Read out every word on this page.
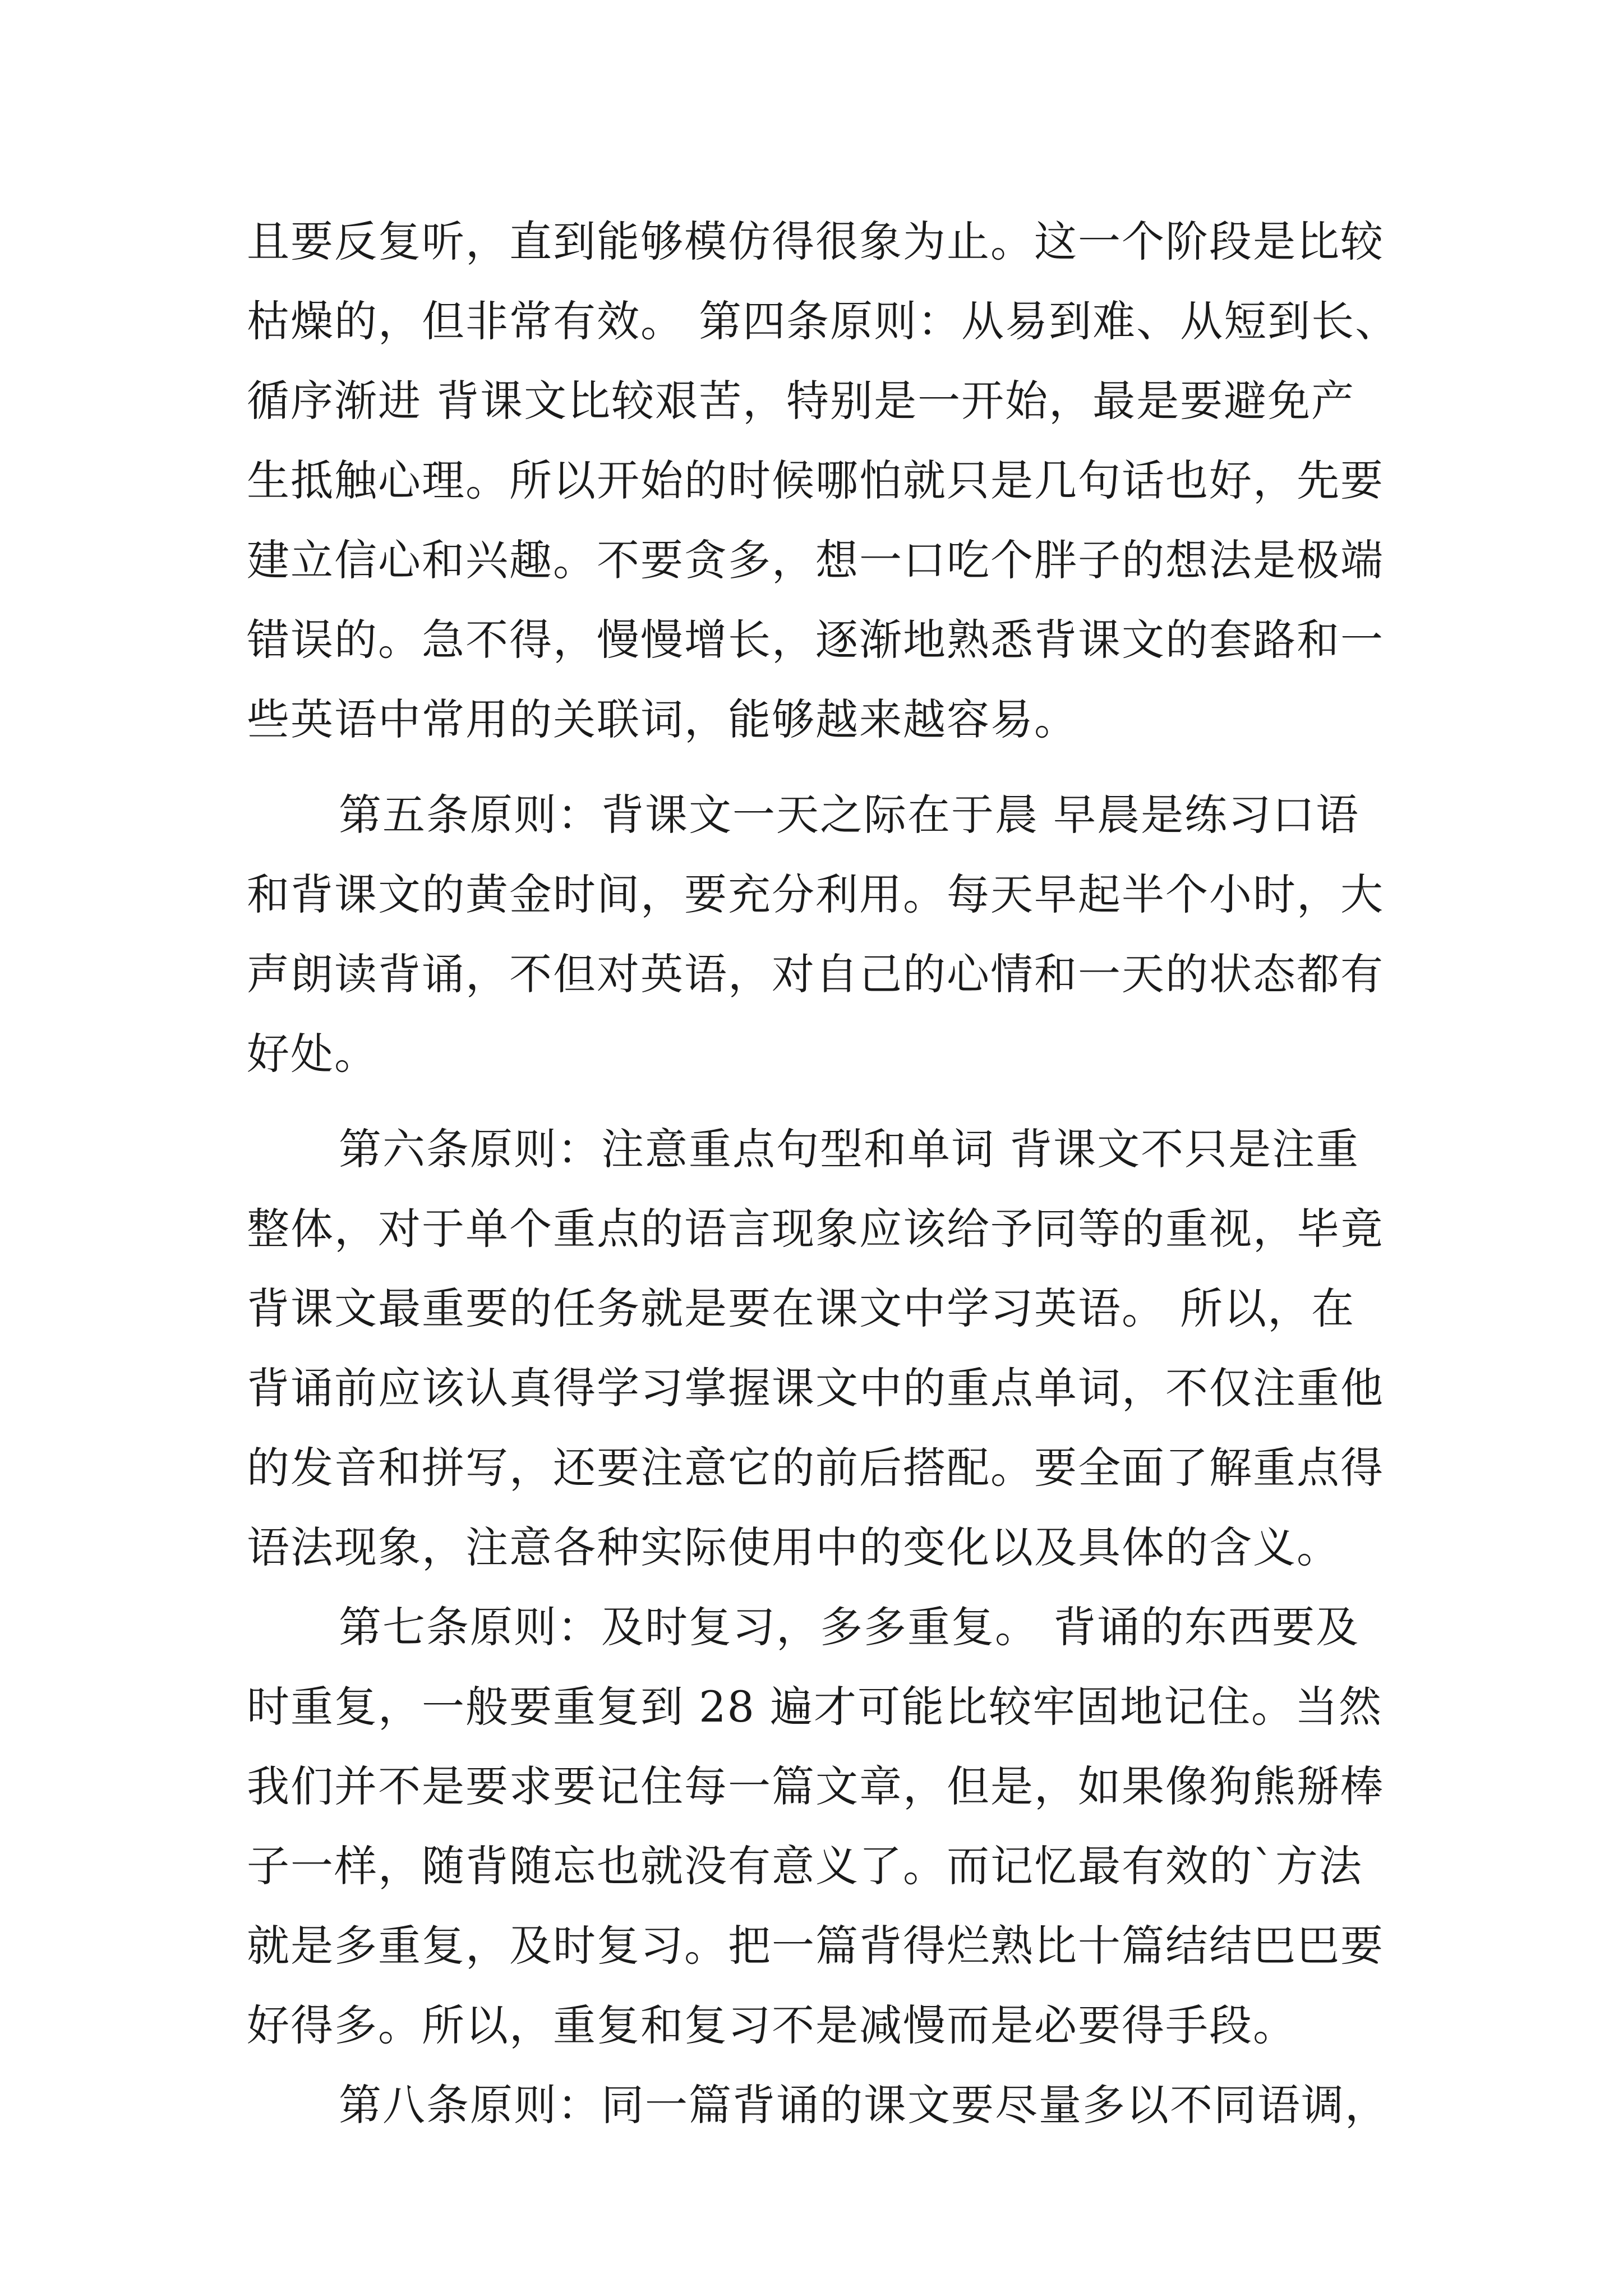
且要反复听，直到能够模仿得很象为止。这一个阶段是比较
枯燥的，但非常有效。 第四条原则：从易到难、从短到长、
循序渐进 背课文比较艰苦，特别是一开始，最是要避免产
生抵触心理。所以开始的时候哪怕就只是几句话也好，先要
建立信心和兴趣。不要贪多，想一口吃个胖子的想法是极端
错误的。急不得，慢慢增长，逐渐地熟悉背课文的套路和一
些英语中常用的关联词，能够越来越容易。
第五条原则：背课文一天之际在于晨 早晨是练习口语
和背课文的黄金时间，要充分利用。每天早起半个小时，大
声朗读背诵，不但对英语，对自己的心情和一天的状态都有
好处。
第六条原则：注意重点句型和单词 背课文不只是注重
整体，对于单个重点的语言现象应该给予同等的重视，毕竟
背课文最重要的任务就是要在课文中学习英语。 所以，在
背诵前应该认真得学习掌握课文中的重点单词，不仅注重他
的发音和拼写，还要注意它的前后搭配。要全面了解重点得
语法现象，注意各种实际使用中的变化以及具体的含义。
第七条原则：及时复习，多多重复。 背诵的东西要及
时重复，一般要重复到 28 遍才可能比较牢固地记住。当然
我们并不是要求要记住每一篇文章，但是，如果像狗熊掰棒
子一样，随背随忘也就没有意义了。而记忆最有效的`方法
就是多重复，及时复习。把一篇背得烂熟比十篇结结巴巴要
好得多。所以，重复和复习不是减慢而是必要得手段。
第八条原则：同一篇背诵的课文要尽量多以不同语调，
